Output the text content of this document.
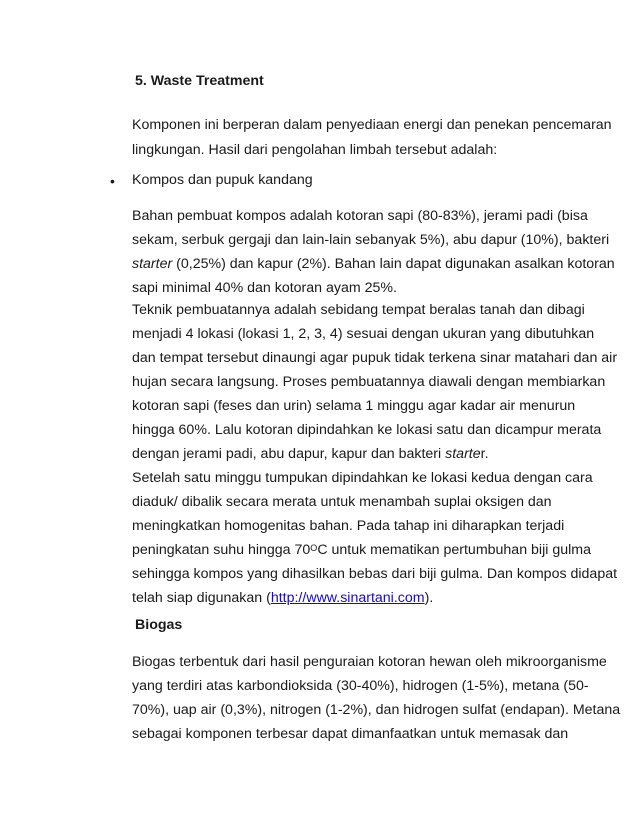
5. Waste Treatment
Komponen ini berperan dalam penyediaan energi dan penekan pencemaran
lingkungan. Hasil dari pengolahan limbah tersebut adalah:
• Kompos dan pupuk kandang
Bahan pembuat kompos adalah kotoran sapi (80-83%), jerami padi (bisa
sekam, serbuk gergaji dan lain-lain sebanyak 5%), abu dapur (10%), bakteri
starter (0,25%) dan kapur (2%). Bahan lain dapat digunakan asalkan kotoran
sapi minimal 40% dan kotoran ayam 25%.
Teknik pembuatannya adalah sebidang tempat beralas tanah dan dibagi
menjadi 4 lokasi (lokasi 1, 2, 3, 4) sesuai dengan ukuran yang dibutuhkan
dan tempat tersebut dinaungi agar pupuk tidak terkena sinar matahari dan air
hujan secara langsung. Proses pembuatannya diawali dengan membiarkan
kotoran sapi (feses dan urin) selama 1 minggu agar kadar air menurun
hingga 60%. Lalu kotoran dipindahkan ke lokasi satu dan dicampur merata
dengan jerami padi, abu dapur, kapur dan bakteri starter.
Setelah satu minggu tumpukan dipindahkan ke lokasi kedua dengan cara
diaduk/ dibalik secara merata untuk menambah suplai oksigen dan
meningkatkan homogenitas bahan. Pada tahap ini diharapkan terjadi
peningkatan suhu hingga $70^OC$ untuk mematikan pertumbuhan biji gulma
sehingga kompos yang dihasilkan bebas dari biji gulma. Dan kompos didapat
telah siap digunakan (http://www.sinartani.com).
Biogas
Biogas terbentuk dari hasil penguraian kotoran hewan oleh mikroorganisme
yang terdiri atas karbondioksida (30-40%), hidrogen (1-5%), metana (50-
70%), uap air (0,3%), nitrogen (1-2%), dan hidrogen sulfat (endapan). Metana
sebagai komponen terbesar dapat dimanfaatkan untuk memasak dan
